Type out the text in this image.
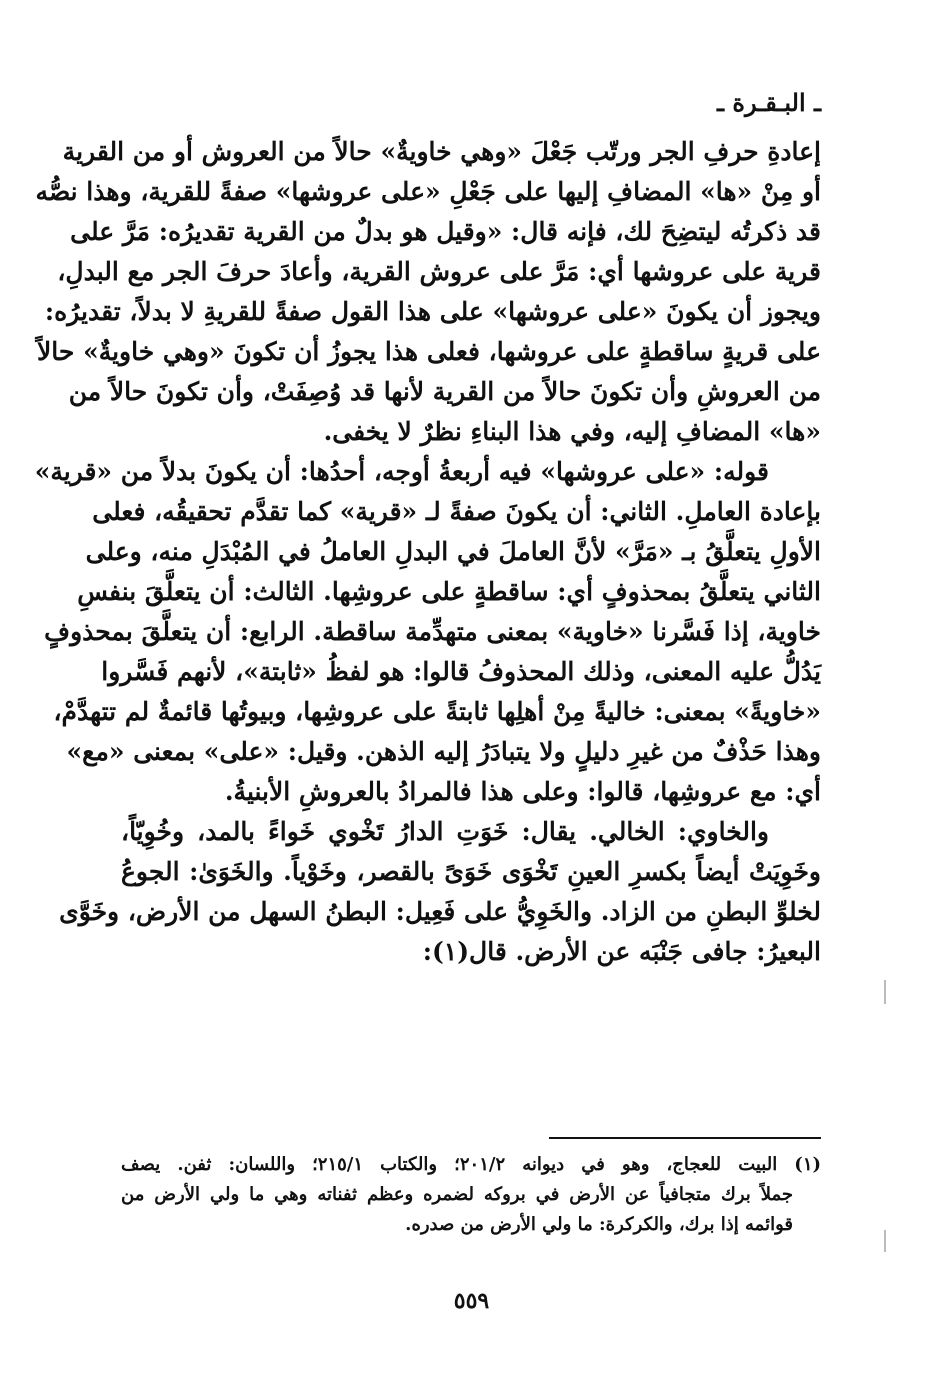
ـ البـقـرة ـ
إعادةِ حرفِ الجر ورتّب جَعْلَ «وهي خاويةٌ» حالاً من العروش أو من القرية
أو مِنْ «ها» المضافِ إليها على جَعْلِ «على عروشها» صفةً للقرية، وهذا نصُّه
قد ذكرتُه ليتضِحَ لك، فإنه قال: «وقيل هو بدلٌ من القرية تقديرُه: مَرَّ على
قرية على عروشها أي: مَرَّ على عروش القرية، وأعادَ حرفَ الجر مع البدلِ،
ويجوز أن يكونَ «على عروشها» على هذا القول صفةً للقريةِ لا بدلاً، تقديرُه:
على قريةٍ ساقطةٍ على عروشها، فعلى هذا يجوزُ أن تكونَ «وهي خاويةٌ» حالاً
من العروشِ وأن تكونَ حالاً من القرية لأنها قد وُصِفَتْ، وأن تكونَ حالاً من
«ها» المضافِ إليه، وفي هذا البناءِ نظرٌ لا يخفى.
قوله: «على عروشها» فيه أربعةُ أوجه، أحدُها: أن يكونَ بدلاً من «قرية»
بإعادة العاملِ. الثاني: أن يكونَ صفةً لـ «قرية» كما تقدَّم تحقيقُه، فعلى
الأولِ يتعلَّقُ بـ «مَرَّ» لأنَّ العاملَ في البدلِ العاملُ في المُبْدَلِ منه، وعلى
الثاني يتعلَّقُ بمحذوفٍ أي: ساقطةٍ على عروشِها. الثالث: أن يتعلَّقَ بنفسِ
خاوية، إذا فَسَّرنا «خاوية» بمعنى متهدِّمة ساقطة. الرابع: أن يتعلَّقَ بمحذوفٍ
يَدُلُّ عليه المعنى، وذلك المحذوفُ قالوا: هو لفظُ «ثابتة»، لأنهم فَسَّروا
«خاويةً» بمعنى: خاليةً مِنْ أهلِها ثابتةً على عروشِها، وبيوتُها قائمةٌ لم تتهدَّمْ،
وهذا حَذْفٌ من غيرِ دليلٍ ولا يتبادَرُ إليه الذهن. وقيل: «على» بمعنى «مع»
أي: مع عروشِها، قالوا: وعلى هذا فالمرادُ بالعروشِ الأبنيةُ.
والخاوي: الخالي. يقال: خَوَتِ الدارُ تَخْوي خَواءً بالمد، وخُوِيّاً،
وخَوِيَتْ أيضاً بكسرِ العينِ تَخْوَى خَوَىً بالقصر، وخَوْياً. والخَوَىٰ: الجوعُ
لخلوِّ البطنِ من الزاد. والخَوِيُّ على فَعِيل: البطنُ السهل من الأرض، وخَوَّى
البعيرُ: جافى جَنْبَه عن الأرض. قال(١):
(١) البيت للعجاج، وهو في ديوانه ٢٠١/٢؛ والكتاب ٢١٥/١؛ واللسان: ثفن. يصف
جملاً برك متجافياً عن الأرض في بروكه لضمره وعظم ثفناته وهي ما ولي الأرض من
قوائمه إذا برك، والكركرة: ما ولي الأرض من صدره.
٥٥٩
